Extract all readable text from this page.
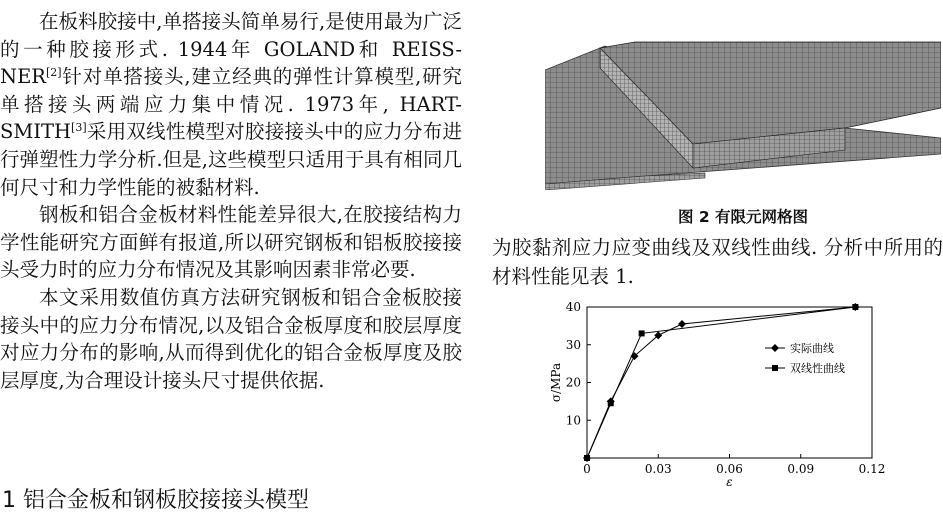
在板料胶接中,单搭接头简单易行,是使用最为广泛的一种胶接形式. 1944年 GOLAND和 REISS-NER[2]针对单搭接头,建立经典的弹性计算模型,研究单搭接头两端应力集中情况. 1973年, HART-SMITH[3]采用双线性模型对胶接接头中的应力分布进行弹塑性力学分析.但是,这些模型只适用于具有相同几何尺寸和力学性能的被黏材料.

钢板和铝合金板材料性能差异很大,在胶接结构力学性能研究方面鲜有报道,所以研究钢板和铝板胶接接头受力时的应力分布情况及其影响因素非常必要.

本文采用数值仿真方法研究钢板和铝合金板胶接接头中的应力分布情况,以及铝合金板厚度和胶层厚度对应力分布的影响,从而得到优化的铝合金板厚度及胶层厚度,为合理设计接头尺寸提供依据.

1 铝合金板和钢板胶接接头模型
图 2 有限元网格图

为胶黏剂应力应变曲线及双线性曲线. 分析中所用的材料性能见表 1.

0	0.03	0.06	0.09	0.12
10
20
30
40
ε
σ/MPa
实际曲线
双线性曲线
